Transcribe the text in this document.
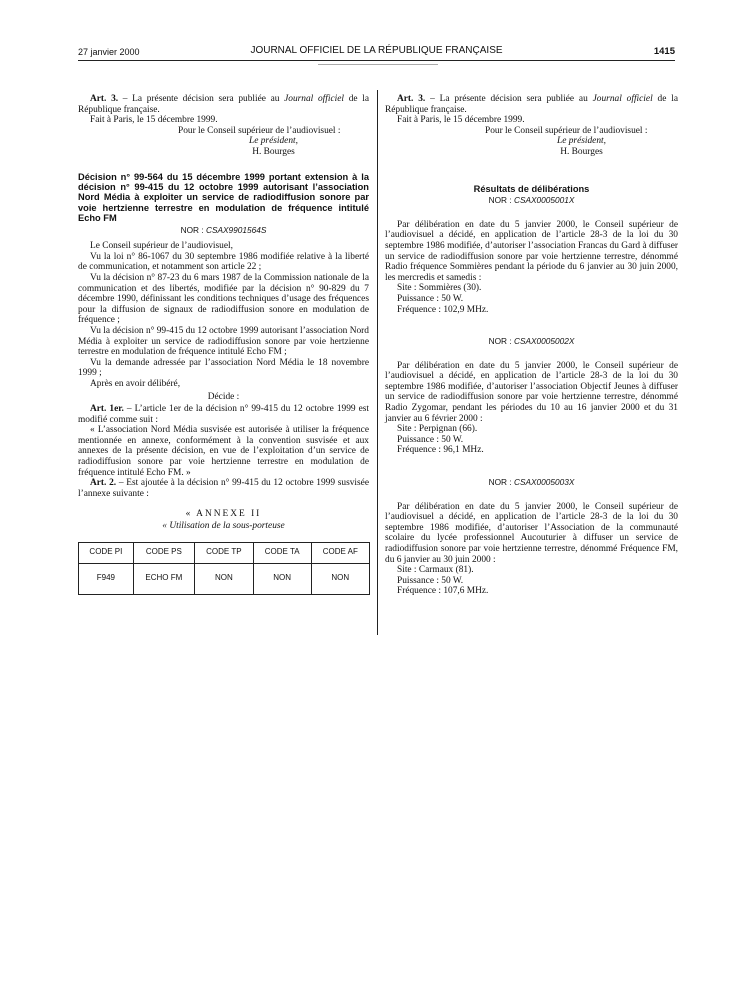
27 janvier 2000	JOURNAL OFFICIEL DE LA RÉPUBLIQUE FRANÇAISE	1415

Art. 3. – La présente décision sera publiée au Journal officiel de la République française.

Fait à Paris, le 15 décembre 1999.

Pour le Conseil supérieur de l’audiovisuel :
Le président,
H. Bourges
Décision n° 99-564 du 15 décembre 1999 portant extension à la décision n° 99-415 du 12 octobre 1999 autorisant l’association Nord Média à exploiter un service de radiodiffusion sonore par voie hertzienne terrestre en modulation de fréquence intitulé Echo FM
NOR : CSAX9901564S

Le Conseil supérieur de l’audiovisuel,

Vu la loi n° 86-1067 du 30 septembre 1986 modifiée relative à la liberté de communication, et notamment son article 22 ;

Vu la décision n° 87-23 du 6 mars 1987 de la Commission nationale de la communication et des libertés, modifiée par la décision n° 90-829 du 7 décembre 1990, définissant les conditions techniques d’usage des fréquences pour la diffusion de signaux de radiodiffusion sonore en modulation de fréquence ;

Vu la décision n° 99-415 du 12 octobre 1999 autorisant l’association Nord Média à exploiter un service de radiodiffusion sonore par voie hertzienne terrestre en modulation de fréquence intitulé Echo FM ;

Vu la demande adressée par l’association Nord Média le 18 novembre 1999 ;

Après en avoir délibéré,

Décide :

Art. 1er. – L’article 1er de la décision n° 99-415 du 12 octobre 1999 est modifié comme suit :

« L’association Nord Média susvisée est autorisée à utiliser la fréquence mentionnée en annexe, conformément à la convention susvisée et aux annexes de la présente décision, en vue de l’exploitation d’un service de radiodiffusion sonore par voie hertzienne terrestre en modulation de fréquence intitulé Echo FM. »

Art. 2. – Est ajoutée à la décision n° 99-415 du 12 octobre 1999 susvisée l’annexe suivante :

« ANNEXE II
« Utilisation de la sous-porteuse
CODE PI	CODE PS	CODE TP	CODE TA	CODE AF
F949	ECHO FM	NON	NON	NON

Art. 3. – La présente décision sera publiée au Journal officiel de la République française.

Fait à Paris, le 15 décembre 1999.

Pour le Conseil supérieur de l’audiovisuel :
Le président,
H. Bourges
Résultats de délibérations
NOR : CSAX0005001X

Par délibération en date du 5 janvier 2000, le Conseil supérieur de l’audiovisuel a décidé, en application de l’article 28-3 de la loi du 30 septembre 1986 modifiée, d’autoriser l’association Francas du Gard à diffuser un service de radiodiffusion sonore par voie hertzienne terrestre, dénommé Radio fréquence Sommières pendant la période du 6 janvier au 30 juin 2000, les mercredis et samedis :

Site : Sommières (30).

Puissance : 50 W.

Fréquence : 102,9 MHz.

NOR : CSAX0005002X

Par délibération en date du 5 janvier 2000, le Conseil supérieur de l’audiovisuel a décidé, en application de l’article 28-3 de la loi du 30 septembre 1986 modifiée, d’autoriser l’association Objectif Jeunes à diffuser un service de radiodiffusion sonore par voie hertzienne terrestre, dénommé Radio Zygomar, pendant les périodes du 10 au 16 janvier 2000 et du 31 janvier au 6 février 2000 :

Site : Perpignan (66).

Puissance : 50 W.

Fréquence : 96,1 MHz.

NOR : CSAX0005003X

Par délibération en date du 5 janvier 2000, le Conseil supérieur de l’audiovisuel a décidé, en application de l’article 28-3 de la loi du 30 septembre 1986 modifiée, d’autoriser l’Association de la communauté scolaire du lycée professionnel Aucouturier à diffuser un service de radiodiffusion sonore par voie hertzienne terrestre, dénommé Fréquence FM, du 6 janvier au 30 juin 2000 :

Site : Carmaux (81).

Puissance : 50 W.

Fréquence : 107,6 MHz.
